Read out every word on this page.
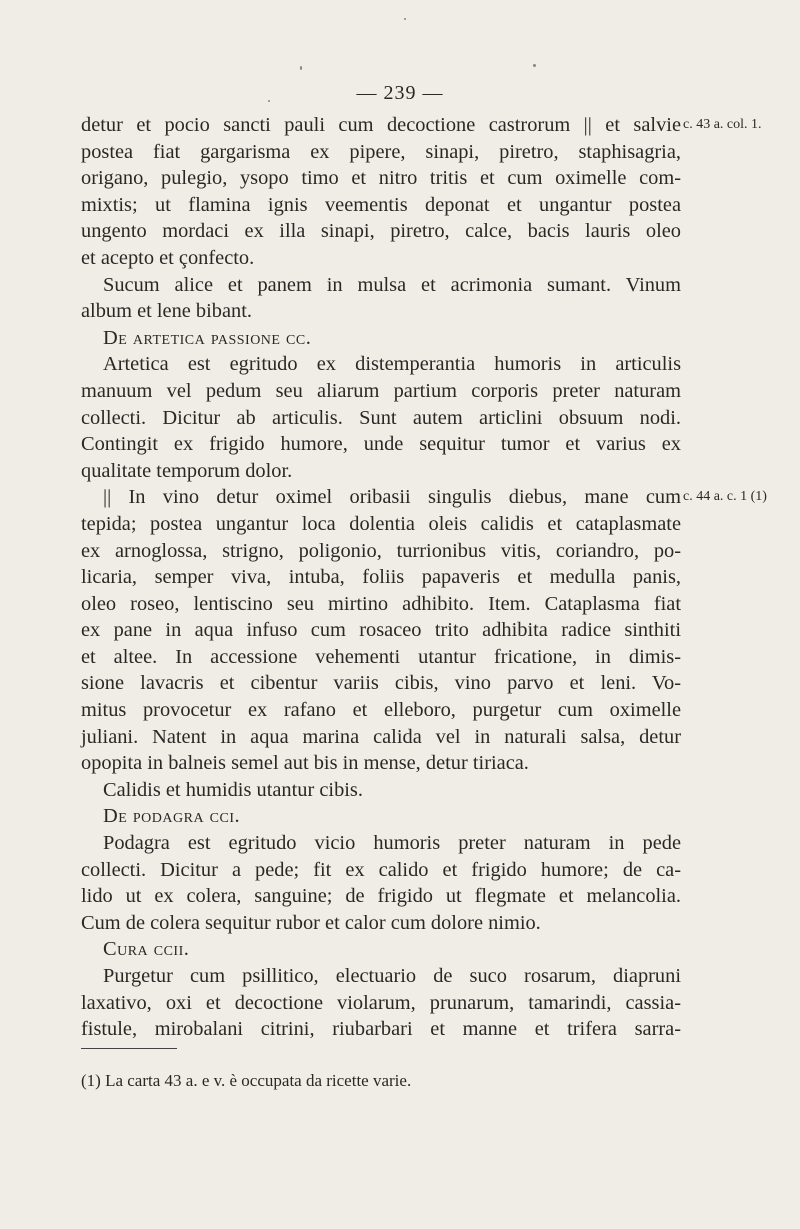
— 239 —
detur et pocio sancti pauli cum decoctione castrorum || et salvie c. 43 a. col. 1.
postea fiat gargarisma ex pipere, sinapi, piretro, staphisagria,
origano, pulegio, ysopo timo et nitro tritis et cum oximelle com-
mixtis; ut flamina ignis veementis deponat et ungantur postea
ungento mordaci ex illa sinapi, piretro, calce, bacis lauris oleo
et acepto et çonfecto.
Sucum alice et panem in mulsa et acrimonia sumant. Vinum
album et lene bibant.
De artetica passione cc.
Artetica est egritudo ex distemperantia humoris in articulis
manuum vel pedum seu aliarum partium corporis preter naturam
collecti. Dicitur ab articulis. Sunt autem articlini obsuum nodi.
Contingit ex frigido humore, unde sequitur tumor et varius ex
qualitate temporum dolor.
|| In vino detur oximel oribasii singulis diebus, mane cum c. 44 a. c. 1 (1)
tepida; postea ungantur loca dolentia oleis calidis et cataplasmate
ex arnoglossa, strigno, poligonio, turrionibus vitis, coriandro, po-
licaria, semper viva, intuba, foliis papaveris et medulla panis,
oleo roseo, lentiscino seu mirtino adhibito. Item. Cataplasma fiat
ex pane in aqua infuso cum rosaceo trito adhibita radice sinthiti
et altee. In accessione vehementi utantur fricatione, in dimis-
sione lavacris et cibentur variis cibis, vino parvo et leni. Vo-
mitus provocetur ex rafano et elleboro, purgetur cum oximelle
juliani. Natent in aqua marina calida vel in naturali salsa, detur
opopita in balneis semel aut bis in mense, detur tiriaca.
Calidis et humidis utantur cibis.
De podagra cci.
Podagra est egritudo vicio humoris preter naturam in pede
collecti. Dicitur a pede; fit ex calido et frigido humore; de ca-
lido ut ex colera, sanguine; de frigido ut flegmate et melancolia.
Cum de colera sequitur rubor et calor cum dolore nimio.
Cura ccii.
Purgetur cum psillitico, electuario de suco rosarum, diapruni
laxativo, oxi et decoctione violarum, prunarum, tamarindi, cassia-
fistule, mirobalani citrini, riubarbari et manne et trifera sarra-
(1) La carta 43 a. e v. è occupata da ricette varie.
